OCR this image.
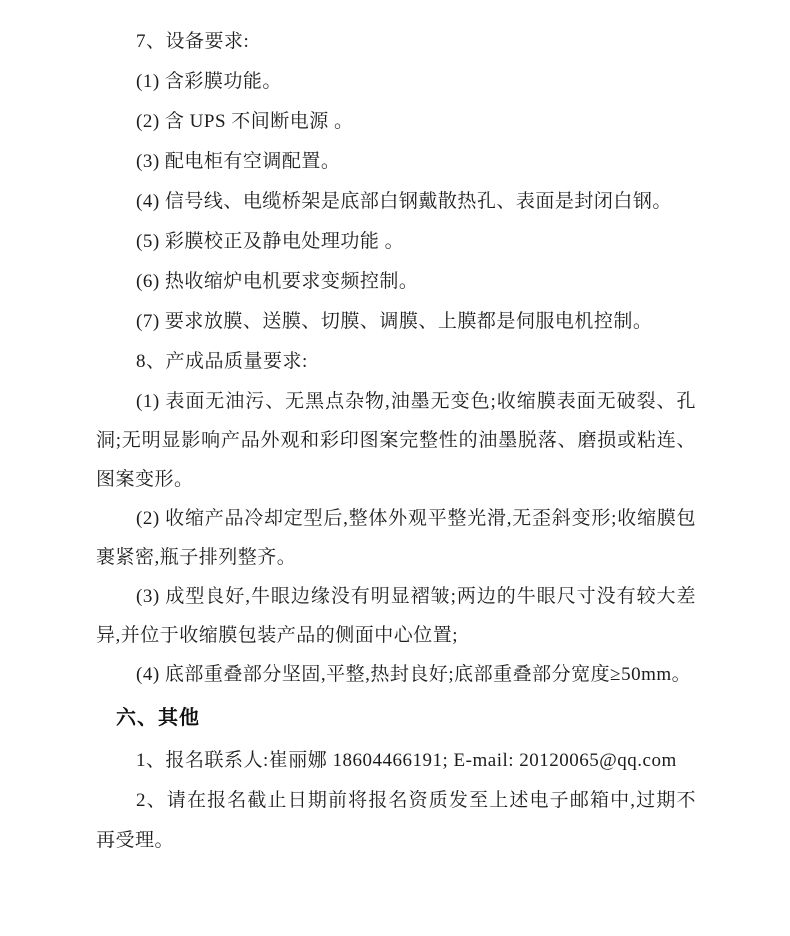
7、设备要求:

(1) 含彩膜功能。

(2) 含 UPS 不间断电源 。

(3) 配电柜有空调配置。

(4) 信号线、电缆桥架是底部白钢戴散热孔、表面是封闭白钢。

(5) 彩膜校正及静电处理功能 。

(6) 热收缩炉电机要求变频控制。

(7) 要求放膜、送膜、切膜、调膜、上膜都是伺服电机控制。

8、产成品质量要求:

(1) 表面无油污、无黑点杂物,油墨无变色;收缩膜表面无破裂、孔洞;无明显影响产品外观和彩印图案完整性的油墨脱落、磨损或粘连、图案变形。

(2) 收缩产品冷却定型后,整体外观平整光滑,无歪斜变形;收缩膜包裹紧密,瓶子排列整齐。

(3) 成型良好,牛眼边缘没有明显褶皱;两边的牛眼尺寸没有较大差异,并位于收缩膜包装产品的侧面中心位置;

(4) 底部重叠部分坚固,平整,热封良好;底部重叠部分宽度≥50mm。

六、其他

1、报名联系人:崔丽娜 18604466191; E-mail: 20120065@qq.com

2、请在报名截止日期前将报名资质发至上述电子邮箱中,过期不再受理。
